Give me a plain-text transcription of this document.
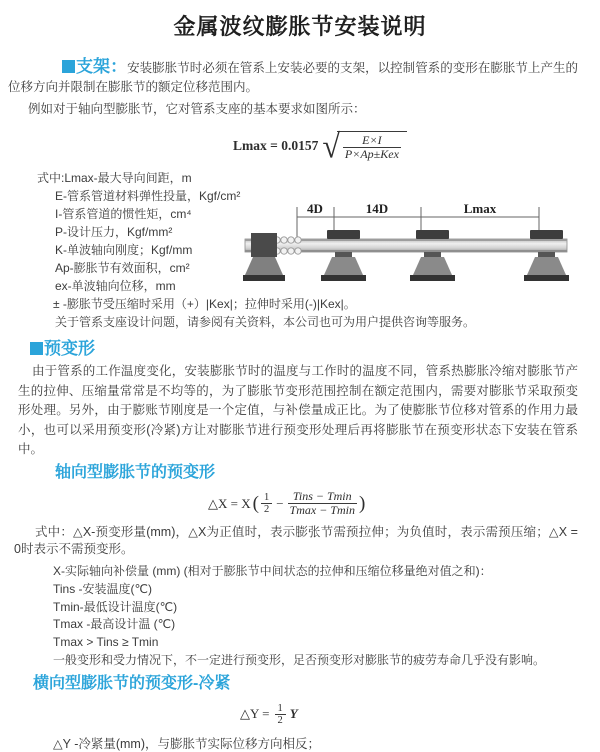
金属波纹膨胀节安装说明

支架：安装膨胀节时必须在管系上安装必要的支架，以控制管系的变形在膨胀节上产生的位移方向并限制在膨胀节的额定位移范围内。

例如对于轴向型膨胀节，它对管系支座的基本要求如图所示：

Lmax = 0.0157 √ $\frac{E\times I}{\text{P×Ap±Kex}}$
式中:Lmax-最大导向间距，m
E-管系管道材料弹性投量，Kgf/cm²
I-管系管道的惯性矩，cm⁴
P-设计压力，Kgf/mm²
K-单波轴向刚度；Kgf/mm
Ap-膨胀节有效面积，cm²
ex-单波轴向位移，mm
± -膨胀节受压缩时采用（+）|Kex|；拉伸时采用(-)|Kex|。
关于管系支座设计问题，请参阅有关资料，本公司也可为用户提供咨询等服务。
4D	14D	Lmax
预变形

由于管系的工作温度变化，安装膨胀节时的温度与工作时的温度不同，管系热膨胀冷缩对膨胀节产生的拉伸、压缩量常常是不均等的，为了膨胀节变形范围控制在额定范围内，需要对膨胀节采取预变形处理。另外，由于膨账节刚度是一个定值，与补偿量成正比。为了使膨胀节位移对管系的作用力最小，也可以采用预变形(冷紧)方让对膨胀节进行预变形处理后再将膨胀节在预变形状态下安装在管系中。

轴向型膨胀节的预变形
△X = X ( $\frac{1}{2} - \frac{\text{Tins − Tmin}}{Tmax - Tmin}$ )

式中：△X-预变形量(mm)，△X为正值时，表示膨张节需预拉伸；为负值时，表示需预压缩；△X = 0时表示不需预变形。

X-实际轴向补偿量 (mm) (相对于膨胀节中间状态的拉伸和压缩位移量绝对值之和)：
Tins -安装温度(℃)
Tmin-最低设计温度(℃)
Tmax -最高设计温 (℃)
Tmax > Tins ≥ Tmin
一般变形和受力情况下，不一定进行预变形，足否预变形对膨胀节的疲劳寿命几乎没有影响。
横向型膨胀节的预变形-冷紧
△Y = $\frac{1}{2}$ Y

△Y -冷紧量(mm)，与膨胀节实际位移方向相反；
